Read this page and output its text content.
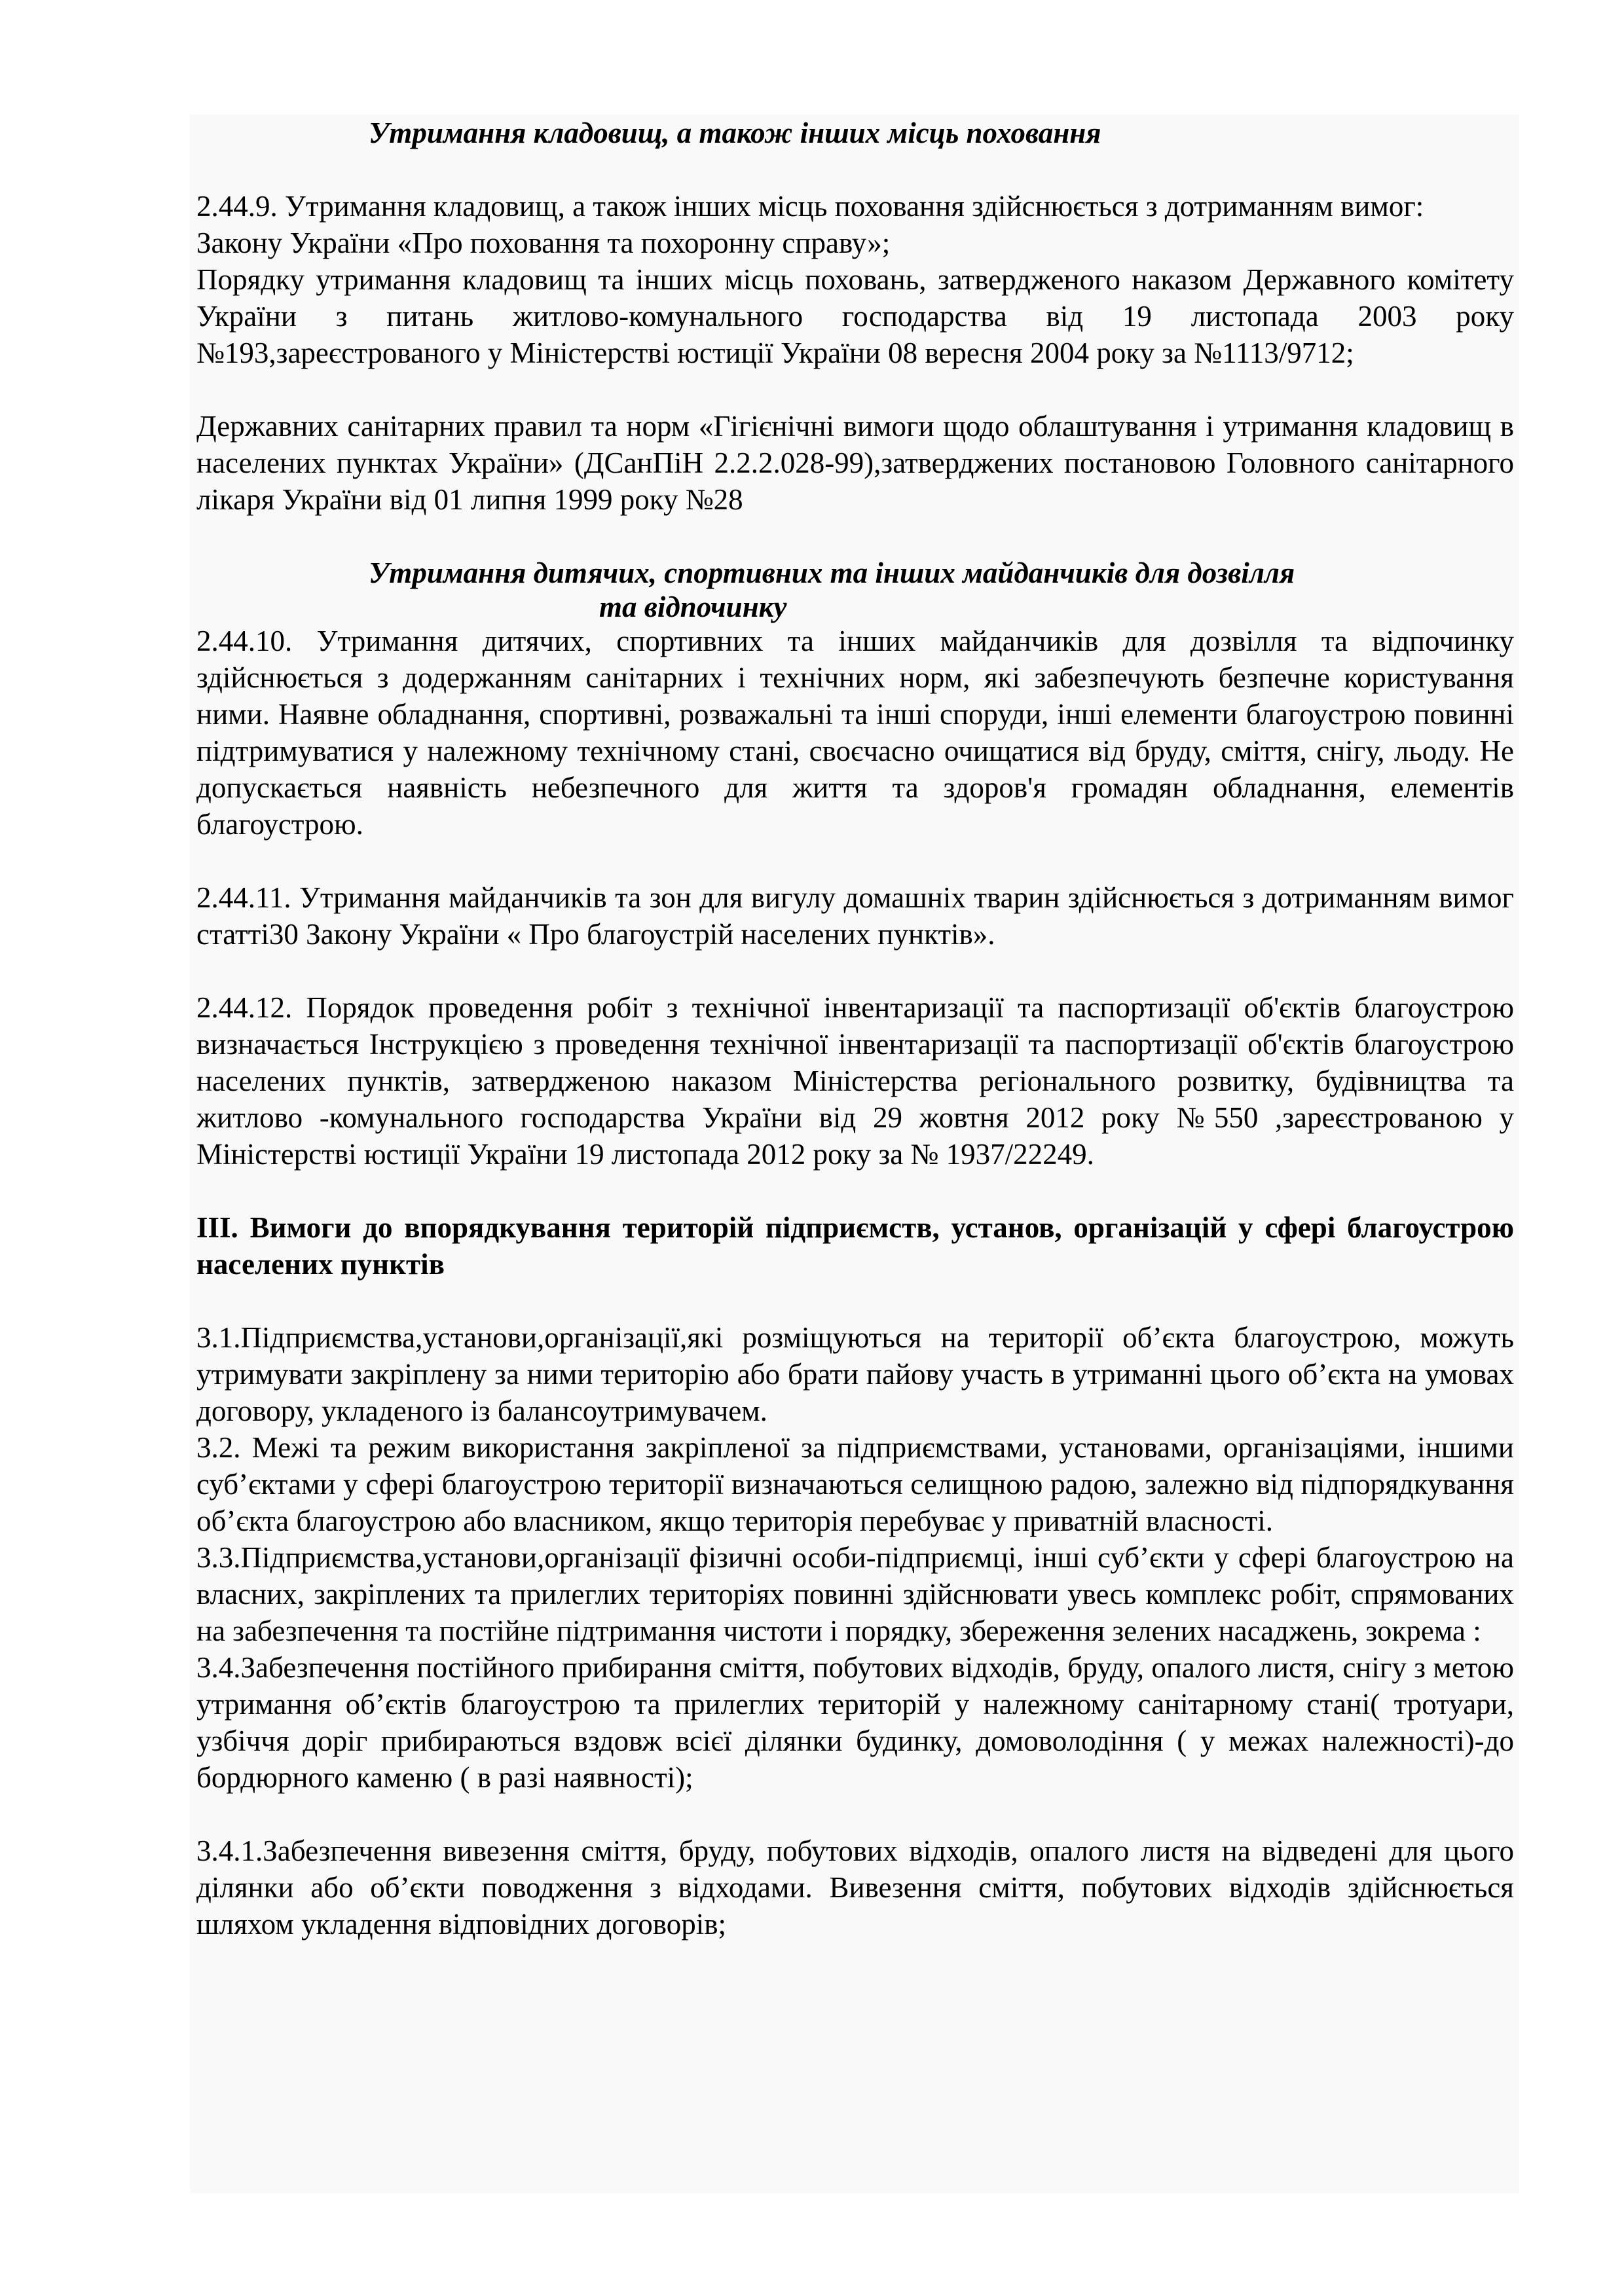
Утримання кладовищ, а також інших місць поховання

2.44.9. Утримання кладовищ, а також інших місць поховання здійснюється з дотриманням вимог:

Закону України «Про поховання та похоронну справу»;

Порядку утримання кладовищ та інших місць поховань, затвердженого наказом Державного комітету України з питань житлово-комунального господарства від 19 листопада 2003 року №193,зареєстрованого у Міністерстві юстиції України 08 вересня 2004 року за №1113/9712;

Державних санітарних правил та норм «Гігієнічні вимоги щодо облаштування і утримання кладовищ в населених пунктах України» (ДСанПіН 2.2.2.028-99),затверджених постановою Головного санітарного лікаря України від 01 липня 1999 року №28

Утримання дитячих, спортивних та інших майданчиків для дозвілля

та відпочинку

2.44.10. Утримання дитячих, спортивних та інших майданчиків для дозвілля та відпочинку здійснюється з додержанням санітарних і технічних норм, які забезпечують безпечне користування ними. Наявне обладнання, спортивні, розважальні та інші споруди, інші елементи благоустрою повинні підтримуватися у належному технічному стані, своєчасно очищатися від бруду, сміття, снігу, льоду. Не допускається наявність небезпечного для життя та здоров'я громадян обладнання, елементів благоустрою.

2.44.11. Утримання майданчиків та зон для вигулу домашніх тварин здійснюється з дотриманням вимог статті30 Закону України « Про благоустрій населених пунктів».

2.44.12. Порядок проведення робіт з технічної інвентаризації та паспортизації об'єктів благоустрою визначається Інструкцією з проведення технічної інвентаризації та паспортизації об'єктів благоустрою населених пунктів, затвердженою наказом Міністерства регіонального розвитку, будівництва та житлово -комунального господарства України від 29 жовтня 2012 року №550 ,зареєстрованою у Міністерстві юстиції України 19 листопада 2012 року за № 1937/22249.

III. Вимоги до впорядкування територій підприємств, установ, організацій у сфері благоустрою населених пунктів

3.1.Підприємства,установи,організації,які розміщуються на території об’єкта благоустрою, можуть утримувати закріплену за ними територію або брати пайову участь в утриманні цього об’єкта на умовах договору, укладеного із балансоутримувачем.

3.2. Межі та режим використання закріпленої за підприємствами, установами, організаціями, іншими суб’єктами у сфері благоустрою території визначаються селищною радою, залежно від підпорядкування об’єкта благоустрою або власником, якщо територія перебуває у приватній власності.

3.3.Підприємства,установи,організації фізичні особи-підприємці, інші суб’єкти у сфері благоустрою на власних, закріплених та прилеглих територіях повинні здійснювати увесь комплекс робіт, спрямованих на забезпечення та постійне підтримання чистоти і порядку, збереження зелених насаджень, зокрема :

3.4.Забезпечення постійного прибирання сміття, побутових відходів, бруду, опалого листя, снігу з метою утримання об’єктів благоустрою та прилеглих територій у належному санітарному стані( тротуари, узбіччя доріг прибираються вздовж всієї ділянки будинку, домоволодіння ( у межах належності)-до бордюрного каменю ( в разі наявності);

3.4.1.Забезпечення вивезення сміття, бруду, побутових відходів, опалого листя на відведені для цього ділянки або об’єкти поводження з відходами. Вивезення сміття, побутових відходів здійснюється шляхом укладення відповідних договорів;
